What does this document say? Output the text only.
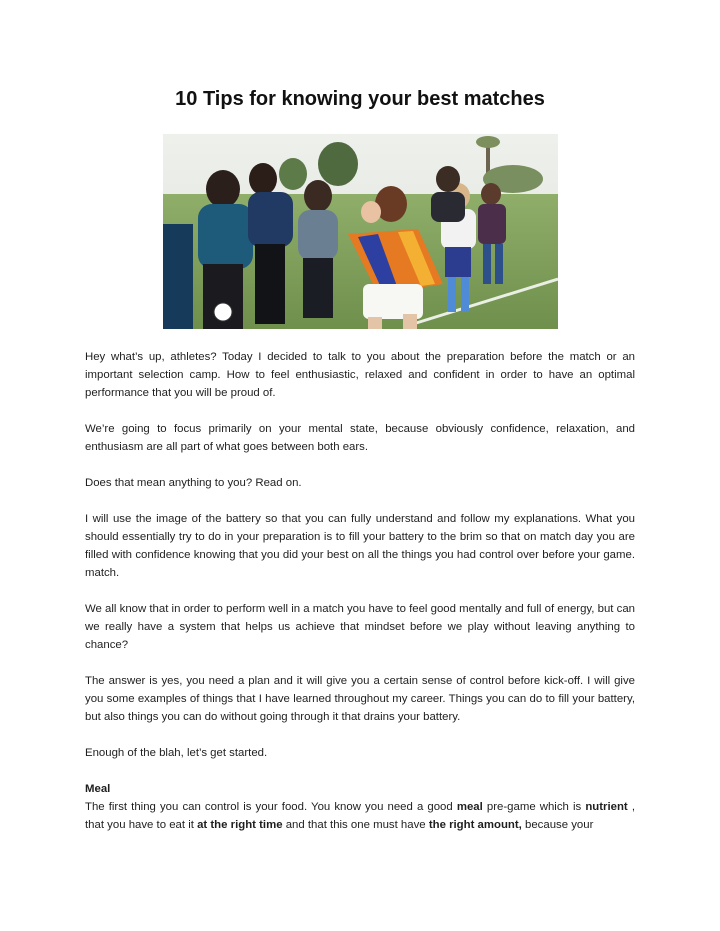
10 Tips for knowing your best matches

Hey what’s up, athletes? Today I decided to talk to you about the preparation before the match or an important selection camp. How to feel enthusiastic, relaxed and confident in order to have an optimal performance that you will be proud of.

We’re going to focus primarily on your mental state, because obviously confidence, relaxation, and enthusiasm are all part of what goes between both ears.

Does that mean anything to you? Read on.

I will use the image of the battery so that you can fully understand and follow my explanations. What you should essentially try to do in your preparation is to fill your battery to the brim so that on match day you are filled with confidence knowing that you did your best on all the things you had control over before your game. match.

We all know that in order to perform well in a match you have to feel good mentally and full of energy, but can we really have a system that helps us achieve that mindset before we play without leaving anything to chance?

The answer is yes, you need a plan and it will give you a certain sense of control before kick-off. I will give you some examples of things that I have learned throughout my career. Things you can do to fill your battery, but also things you can do without going through it that drains your battery.

Enough of the blah, let’s get started.

Meal

The first thing you can control is your food. You know you need a good meal pre-game which is nutrient , that you have to eat it at the right time and that this one must have the right amount, because your
